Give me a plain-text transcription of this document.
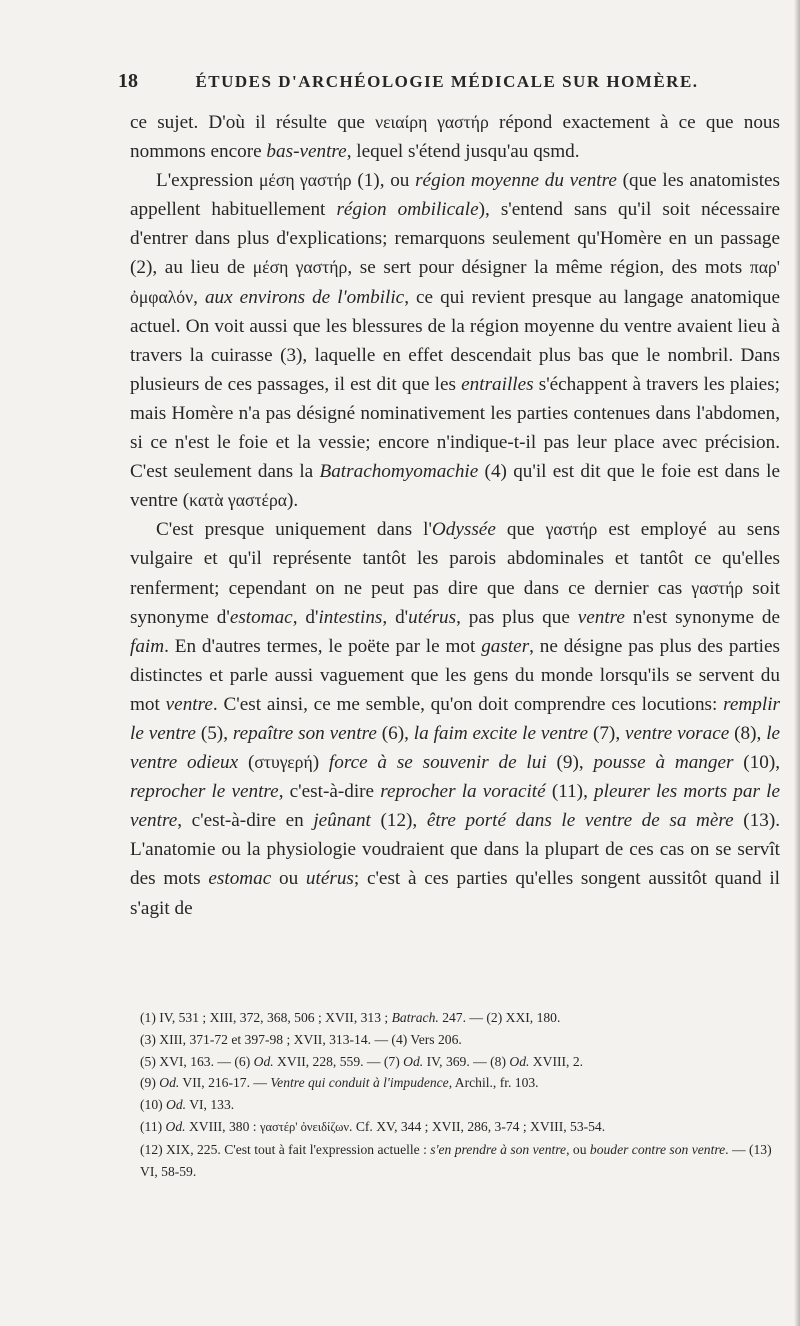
18	ÉTUDES D'ARCHÉOLOGIE MÉDICALE SUR HOMÈRE.

ce sujet. D'où il résulte que νειαίρη γαστήρ répond exactement à ce que nous nommons encore bas-ventre, lequel s'étend jusqu'au qsmd.

L'expression μέση γαστήρ (1), ou région moyenne du ventre (que les anatomistes appellent habituellement région ombilicale), s'entend sans qu'il soit nécessaire d'entrer dans plus d'explications; remarquons seulement qu'Homère en un passage (2), au lieu de μέση γαστήρ, se sert pour désigner la même région, des mots παρ' ὀμφαλόν, aux environs de l'ombilic, ce qui revient presque au langage anatomique actuel. On voit aussi que les blessures de la région moyenne du ventre avaient lieu à travers la cuirasse (3), laquelle en effet descendait plus bas que le nombril. Dans plusieurs de ces passages, il est dit que les entrailles s'échappent à travers les plaies; mais Homère n'a pas désigné nominativement les parties contenues dans l'abdomen, si ce n'est le foie et la vessie; encore n'indique-t-il pas leur place avec précision. C'est seulement dans la Batrachomyomachie (4) qu'il est dit que le foie est dans le ventre (κατὰ γαστέρα).

C'est presque uniquement dans l'Odyssée que γαστήρ est employé au sens vulgaire et qu'il représente tantôt les parois abdominales et tantôt ce qu'elles renferment; cependant on ne peut pas dire que dans ce dernier cas γαστήρ soit synonyme d'estomac, d'intestins, d'utérus, pas plus que ventre n'est synonyme de faim. En d'autres termes, le poëte par le mot gaster, ne désigne pas plus des parties distinctes et parle aussi vaguement que les gens du monde lorsqu'ils se servent du mot ventre. C'est ainsi, ce me semble, qu'on doit comprendre ces locutions: remplir le ventre (5), repaître son ventre (6), la faim excite le ventre (7), ventre vorace (8), le ventre odieux (στυγερή) force à se souvenir de lui (9), pousse à manger (10), reprocher le ventre, c'est-à-dire reprocher la voracité (11), pleurer les morts par le ventre, c'est-à-dire en jeûnant (12), être porté dans le ventre de sa mère (13). L'anatomie ou la physiologie voudraient que dans la plupart de ces cas on se servît des mots estomac ou utérus; c'est à ces parties qu'elles songent aussitôt quand il s'agit de

(1) IV, 531 ; XIII, 372, 368, 506 ; XVII, 313 ; Batrach. 247. — (2) XXI, 180.

(3) XIII, 371-72 et 397-98 ; XVII, 313-14. — (4) Vers 206.

(5) XVI, 163. — (6) Od. XVII, 228, 559. — (7) Od. IV, 369. — (8) Od. XVIII, 2.

(9) Od. VII, 216-17. — Ventre qui conduit à l'impudence, Archil., fr. 103.

(10) Od. VI, 133.

(11) Od. XVIII, 380 : γαστέρ' ὀνειδίζων. Cf. XV, 344 ; XVII, 286, 3-74 ; XVIII, 53-54.

(12) XIX, 225. C'est tout à fait l'expression actuelle : s'en prendre à son ventre, ou bouder contre son ventre. — (13) VI, 58-59.
